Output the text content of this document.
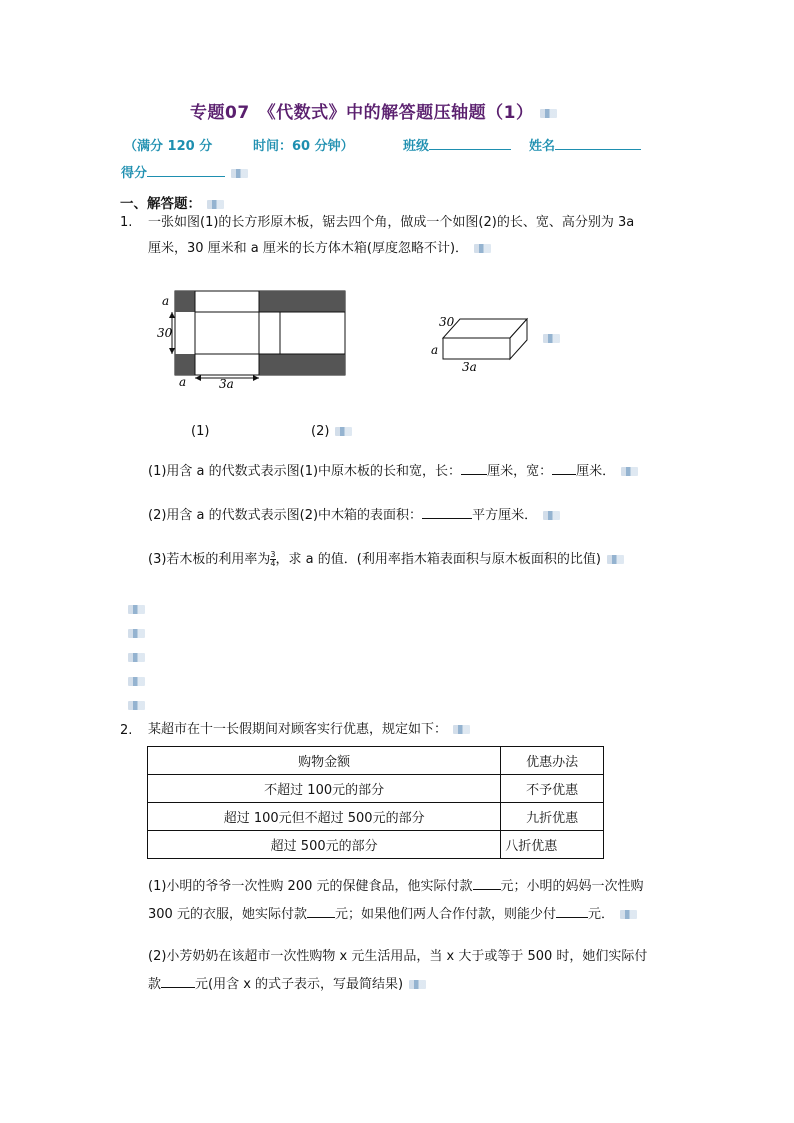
专题07　《代数式》中的解答题压轴题（1）
（满分 120 分	时间：60 分钟）	班级	姓名
得分
一、解答题：
1. 一张如图(1)的长方形原木板，锯去四个角，做成一个如图(2)的长、宽、高分别为 3a
厘米，30 厘米和 a 厘米的长方体木箱(厚度忽略不计)．
a
30
a	3a
30
a
3a
(1)	(2)
(1)用含 a 的代数式表示图(1)中原木板的长和宽，长： 厘米，宽： 厘米．
(2)用含 a 的代数式表示图(2)中木箱的表面积：	平方厘米．
(3)若木板的利用率为 $\frac{3}{4}$ ，求 a 的值．(利用率指木箱表面积与原木板面积的比值)
2. 某超市在十一长假期间对顾客实行优惠，规定如下：
购物金额	优惠办法
不超过 100元的部分	不予优惠
超过 100元但不超过 500元的部分	九折优惠
超过 500元的部分	八折优惠
(1)小明的爷爷一次性购 200 元的保健食品，他实际付款 元；小明的妈妈一次性购
300 元的衣服，她实际付款 元；如果他们两人合作付款，则能少付 元．
(2)小芳奶奶在该超市一次性购物 x 元生活用品，当 x 大于或等于 500 时，她们实际付
款	元(用含 x 的式子表示，写最简结果)
